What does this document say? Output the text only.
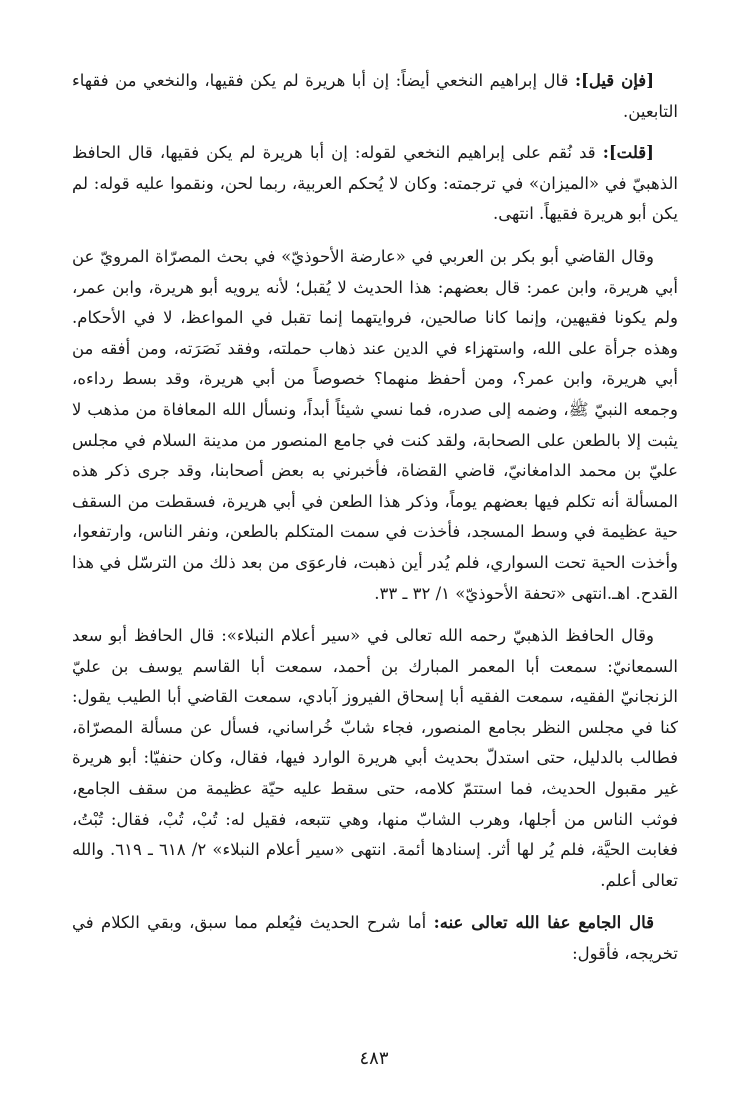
[فإن قيل]: قال إبراهيم النخعي أيضاً: إن أبا هريرة لم يكن فقيها، والنخعي من فقهاء التابعين.

[قلت]: قد نُقم على إبراهيم النخعي لقوله: إن أبا هريرة لم يكن فقيها، قال الحافظ الذهبيّ في «الميزان» في ترجمته: وكان لا يُحكم العربية، ربما لحن، ونقموا عليه قوله: لم يكن أبو هريرة فقيهاً. انتهى.

وقال القاضي أبو بكر بن العربي في «عارضة الأحوذيّ» في بحث المصرّاة المرويّ عن أبي هريرة، وابن عمر: قال بعضهم: هذا الحديث لا يُقبل؛ لأنه يرويه أبو هريرة، وابن عمر، ولم يكونا فقيهين، وإنما كانا صالحين، فروايتهما إنما تقبل في المواعظ، لا في الأحكام. وهذه جرأة على الله، واستهزاء في الدين عند ذهاب حملته، وفقد نَصَرَته، ومن أفقه من أبي هريرة، وابن عمر؟، ومن أحفظ منهما؟ خصوصاً من أبي هريرة، وقد بسط رداءه، وجمعه النبيّ ﷺ، وضمه إلى صدره، فما نسي شيئاً أبداً، ونسأل الله المعافاة من مذهب لا يثبت إلا بالطعن على الصحابة، ولقد كنت في جامع المنصور من مدينة السلام في مجلس عليّ بن محمد الدامغانيّ، قاضي القضاة، فأخبرني به بعض أصحابنا، وقد جرى ذكر هذه المسألة أنه تكلم فيها بعضهم يوماً، وذكر هذا الطعن في أبي هريرة، فسقطت من السقف حية عظيمة في وسط المسجد، فأخذت في سمت المتكلم بالطعن، ونفر الناس، وارتفعوا، وأخذت الحية تحت السواري، فلم يُدر أين ذهبت، فارعوَى من بعد ذلك من الترسّل في هذا القدح. اهـ.انتهى «تحفة الأحوذيّ» ١/ ٣٢ ـ ٣٣.

وقال الحافظ الذهبيّ رحمه الله تعالى في «سير أعلام النبلاء»: قال الحافظ أبو سعد السمعانيّ: سمعت أبا المعمر المبارك بن أحمد، سمعت أبا القاسم يوسف بن عليّ الزنجانيّ الفقيه، سمعت الفقيه أبا إسحاق الفيروز آبادي، سمعت القاضي أبا الطيب يقول: كنا في مجلس النظر بجامع المنصور، فجاء شابّ خُراساني، فسأل عن مسألة المصرّاة، فطالب بالدليل، حتى استدلّ بحديث أبي هريرة الوارد فيها، فقال، وكان حنفيّا: أبو هريرة غير مقبول الحديث، فما استتمّ كلامه، حتى سقط عليه حيّة عظيمة من سقف الجامع، فوثب الناس من أجلها، وهرب الشابّ منها، وهي تتبعه، فقيل له: تُبْ، تُبْ، فقال: تُبْتُ، فغابت الحيَّة، فلم يُر لها أثر. إسنادها أئمة. انتهى «سير أعلام النبلاء» ٢/ ٦١٨ ـ ٦١٩. والله تعالى أعلم.

قال الجامع عفا الله تعالى عنه: أما شرح الحديث فيُعلم مما سبق، وبقي الكلام في تخريجه، فأقول:

٤٨٣
